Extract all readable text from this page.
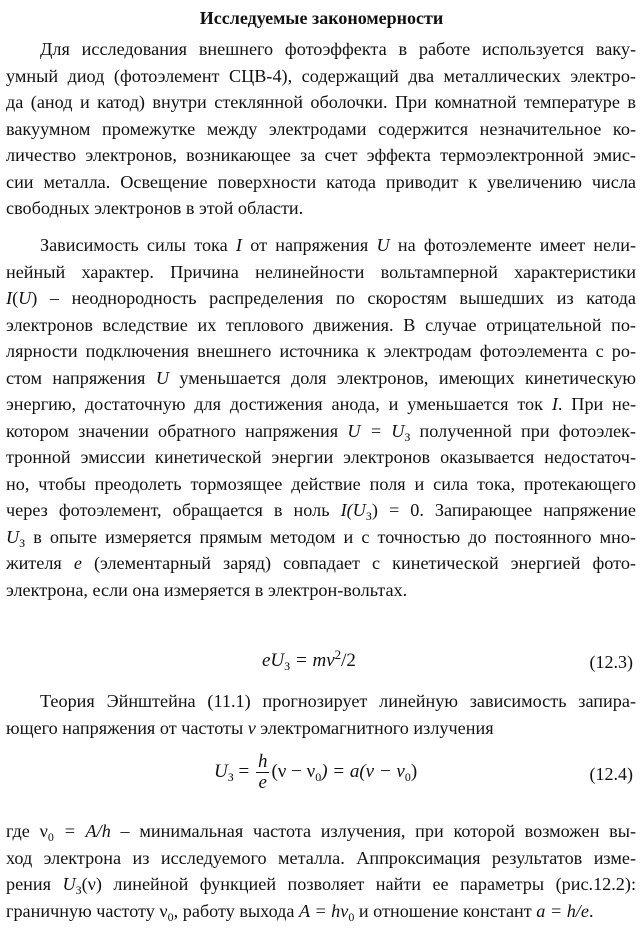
Исследуемые закономерности
Для исследования внешнего фотоэффекта в работе используется ваку-
умный диод (фотоэлемент СЦВ-4), содержащий два металлических электро-
да (анод и катод) внутри стеклянной оболочки. При комнатной температуре в
вакуумном промежутке между электродами содержится незначительное ко-
личество электронов, возникающее за счет эффекта термоэлектронной эмис-
сии металла. Освещение поверхности катода приводит к увеличению числа
свободных электронов в этой области.
Зависимость силы тока I от напряжения U на фотоэлементе имеет нели-
нейный характер. Причина нелинейности вольтамперной характеристики
I(U) – неоднородность распределения по скоростям вышедших из катода
электронов вследствие их теплового движения. В случае отрицательной по-
лярности подключения внешнего источника к электродам фотоэлемента с ро-
стом напряжения U уменьшается доля электронов, имеющих кинетическую
энергию, достаточную для достижения анода, и уменьшается ток I. При не-
котором значении обратного напряжения $U = U_З$ полученной при фотоэлек-
тронной эмиссии кинетической энергии электронов оказывается недостаточ-
но, чтобы преодолеть тормозящее действие поля и сила тока, протекающего
через фотоэлемент, обращается в ноль $I(U_З) = 0$. Запирающее напряжение
$U_З$ в опыте измеряется прямым методом и с точностью до постоянного мно-
жителя e (элементарный заряд) совпадает с кинетической энергией фото-
электрона, если она измеряется в электрон-вольтах.
$eU_З = mv^2/2$	(12.3)
Теория Эйнштейна (11.1) прогнозирует линейную зависимость запира-
ющего напряжения от частоты ν электромагнитного излучения
$U_З = \frac{h}{e} (\nu - \nu_0) = a(\nu - \nu_0)$	(12.4)
где $\nu_0 = A/h$ – минимальная частота излучения, при которой возможен вы-
ход электрона из исследуемого металла. Аппроксимация результатов изме-
рения $U_З(\nu)$ линейной функцией позволяет найти ее параметры (рис.12.2):
граничную частоту $\nu_0$, работу выхода $A = h\nu_0$ и отношение констант a = h/e.
